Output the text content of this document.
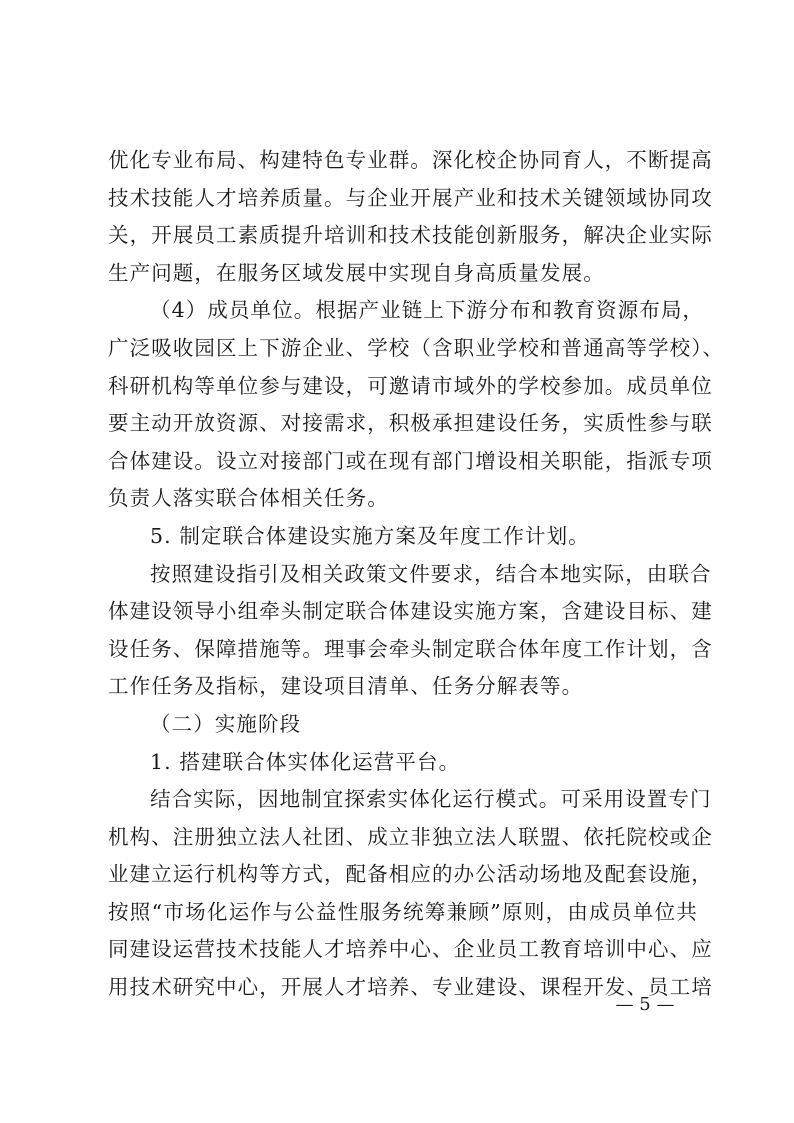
优化专业布局、构建特色专业群。深化校企协同育人，不断提高
技术技能人才培养质量。与企业开展产业和技术关键领域协同攻
关，开展员工素质提升培训和技术技能创新服务，解决企业实际
生产问题，在服务区域发展中实现自身高质量发展。
（4）成员单位。根据产业链上下游分布和教育资源布局，
广泛吸收园区上下游企业、学校（含职业学校和普通高等学校）、
科研机构等单位参与建设，可邀请市域外的学校参加。成员单位
要主动开放资源、对接需求，积极承担建设任务，实质性参与联
合体建设。设立对接部门或在现有部门增设相关职能，指派专项
负责人落实联合体相关任务。
5. 制定联合体建设实施方案及年度工作计划。
按照建设指引及相关政策文件要求，结合本地实际，由联合
体建设领导小组牵头制定联合体建设实施方案，含建设目标、建
设任务、保障措施等。理事会牵头制定联合体年度工作计划，含
工作任务及指标，建设项目清单、任务分解表等。
（二）实施阶段
1. 搭建联合体实体化运营平台。
结合实际，因地制宜探索实体化运行模式。可采用设置专门
机构、注册独立法人社团、成立非独立法人联盟、依托院校或企
业建立运行机构等方式，配备相应的办公活动场地及配套设施，
按照“市场化运作与公益性服务统筹兼顾”原则，由成员单位共
同建设运营技术技能人才培养中心、企业员工教育培训中心、应
用技术研究中心，开展人才培养、专业建设、课程开发、员工培
— 5 —
